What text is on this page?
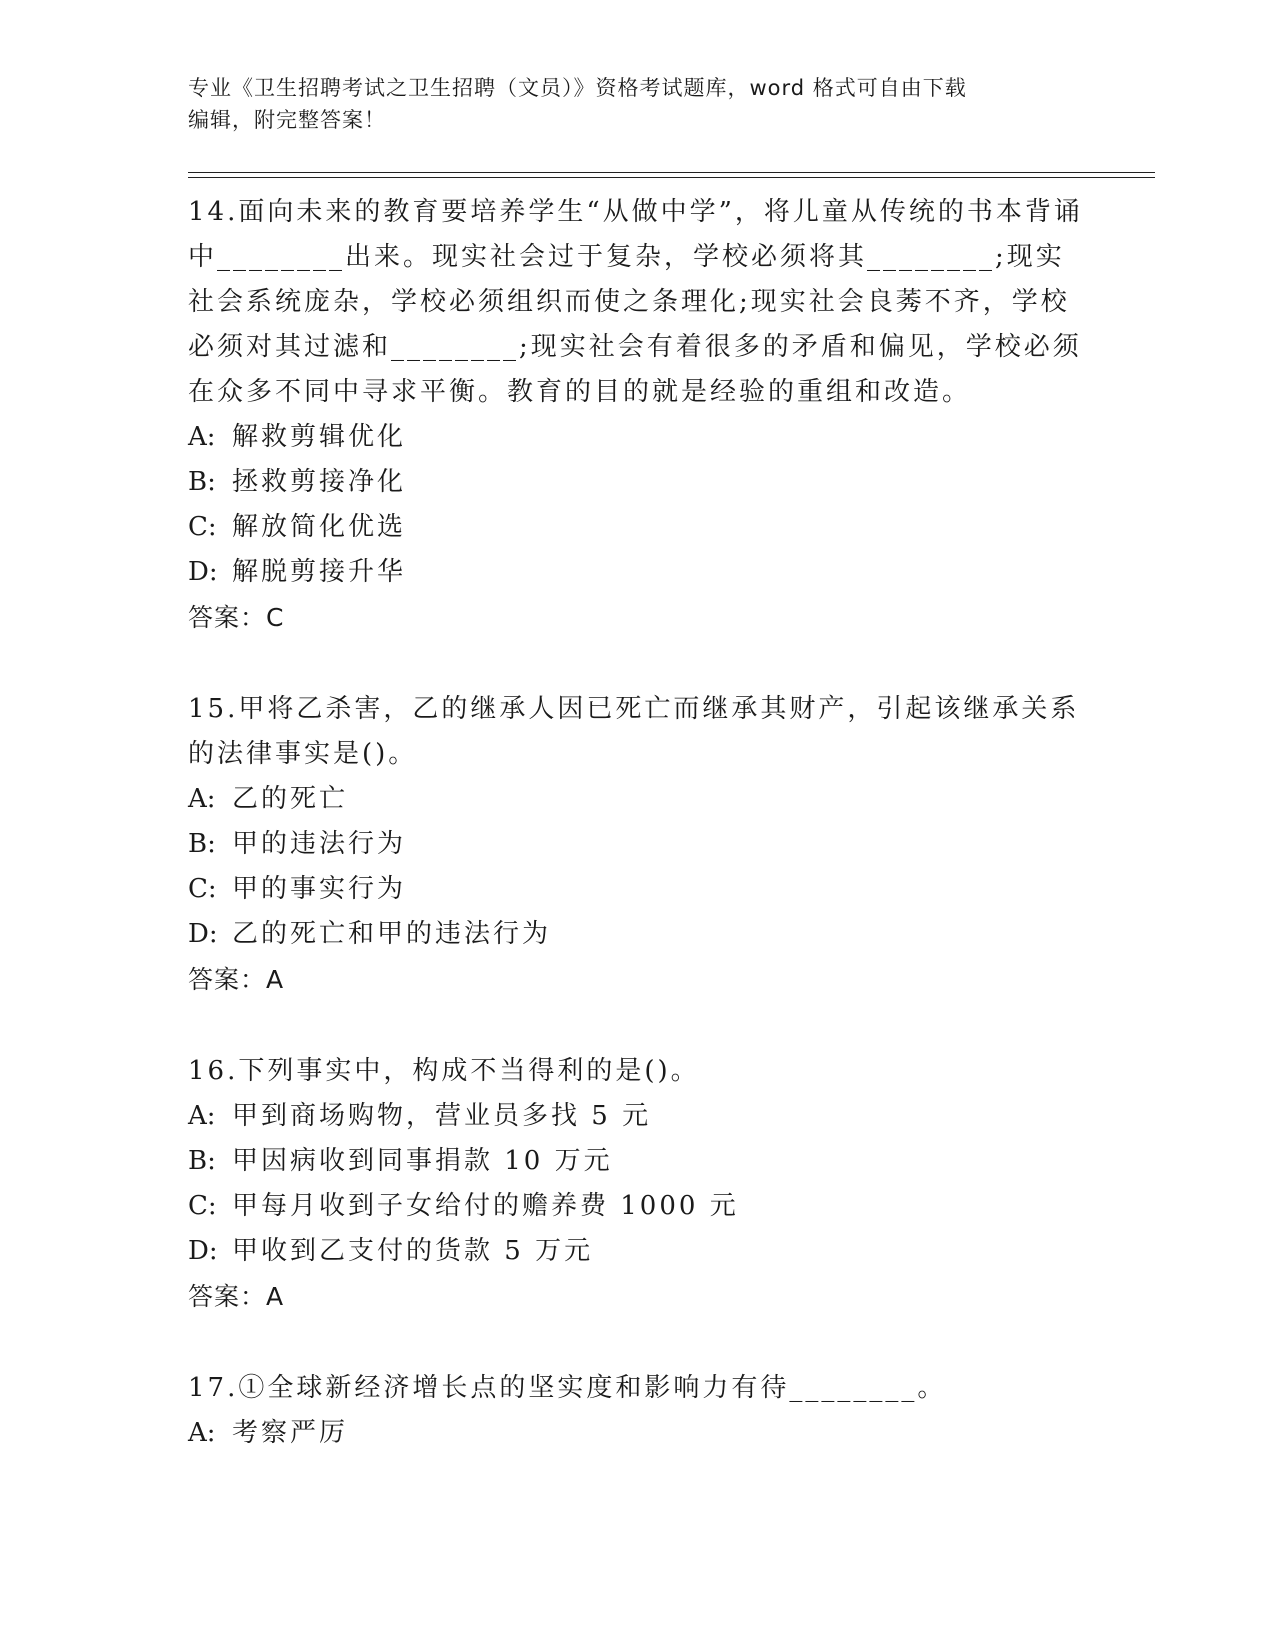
专业《卫生招聘考试之卫生招聘（文员）》资格考试题库，word 格式可自由下载
编辑，附完整答案！

14.面向未来的教育要培养学生“从做中学”，将儿童从传统的书本背诵中________出来。现实社会过于复杂，学校必须将其________;现实社会系统庞杂，学校必须组织而使之条理化;现实社会良莠不齐，学校必须对其过滤和________;现实社会有着很多的矛盾和偏见，学校必须在众多不同中寻求平衡。教育的目的就是经验的重组和改造。

A: 解救剪辑优化

B: 拯救剪接净化

C: 解放简化优选

D: 解脱剪接升华

答案：C

15.甲将乙杀害，乙的继承人因已死亡而继承其财产，引起该继承关系的法律事实是()。

A: 乙的死亡

B: 甲的违法行为

C: 甲的事实行为

D: 乙的死亡和甲的违法行为

答案：A

16.下列事实中，构成不当得利的是()。

A: 甲到商场购物，营业员多找 5 元

B: 甲因病收到同事捐款 10 万元

C: 甲每月收到子女给付的赡养费 1000 元

D: 甲收到乙支付的货款 5 万元

答案：A

17.①全球新经济增长点的坚实度和影响力有待________。

A: 考察严厉
